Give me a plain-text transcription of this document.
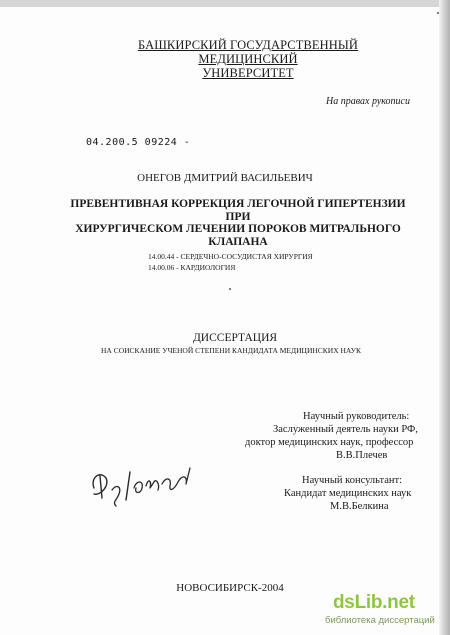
БАШКИРСКИЙ ГОСУДАРСТВЕННЫЙ МЕДИЦИНСКИЙ
УНИВЕРСИТЕТ
На правах рукописи
04.200.5 09224 -
ОНЕГОВ ДМИТРИЙ ВАСИЛЬЕВИЧ
ПРЕВЕНТИВНАЯ КОРРЕКЦИЯ ЛЕГОЧНОЙ ГИПЕРТЕНЗИИ ПРИ
ХИРУРГИЧЕСКОМ ЛЕЧЕНИИ ПОРОКОВ МИТРАЛЬНОГО
КЛАПАНА
14.00.44 - СЕРДЕЧНО-СОСУДИСТАЯ ХИРУРГИЯ
14.00.06 - КАРДИОЛОГИЯ
ДИССЕРТАЦИЯ
НА СОИСКАНИЕ УЧЕНОЙ СТЕПЕНИ КАНДИДАТА МЕДИЦИНСКИХ НАУК
Научный руководитель:
Заслуженный деятель науки РФ,
доктор медицинских наук, профессор
В.В.Плечев
Научный консультант:
Кандидат медицинских наук
М.В.Белкина
НОВОСИБИРСК-2004
dsLib.net
библиотека диссертаций
